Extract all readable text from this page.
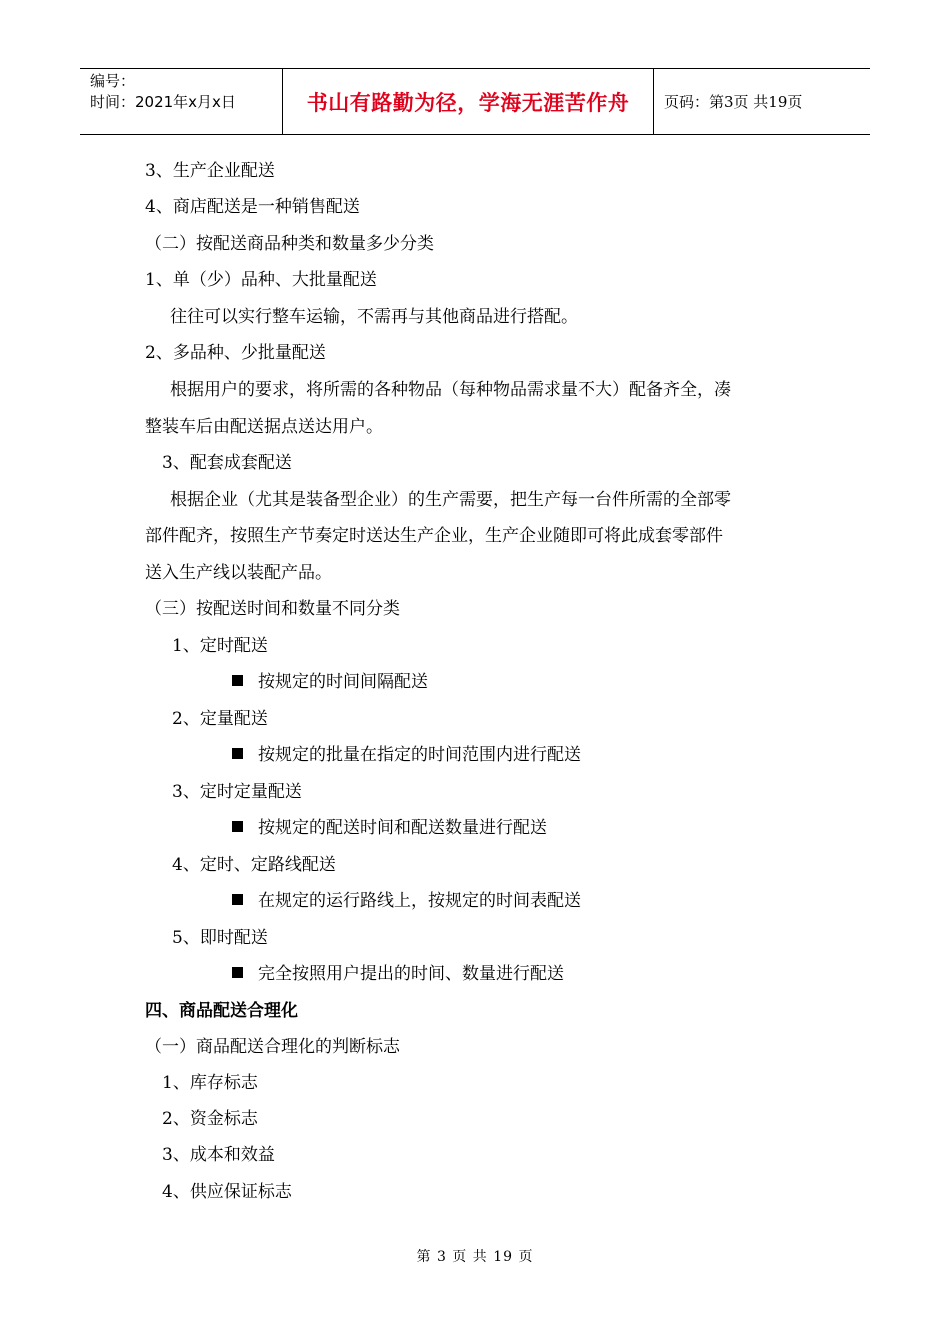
编号：
时间：2021年x月x日	书山有路勤为径，学海无涯苦作舟	页码：第3页 共19页
3、生产企业配送
4、商店配送是一种销售配送
（二）按配送商品种类和数量多少分类
1、单（少）品种、大批量配送
往往可以实行整车运输，不需再与其他商品进行搭配。
2、多品种、少批量配送
根据用户的要求，将所需的各种物品（每种物品需求量不大）配备齐全，凑
整装车后由配送据点送达用户。
3、配套成套配送
根据企业（尤其是装备型企业）的生产需要，把生产每一台件所需的全部零
部件配齐，按照生产节奏定时送达生产企业，生产企业随即可将此成套零部件
送入生产线以装配产品。
（三）按配送时间和数量不同分类
1、定时配送
按规定的时间间隔配送
2、定量配送
按规定的批量在指定的时间范围内进行配送
3、定时定量配送
按规定的配送时间和配送数量进行配送
4、定时、定路线配送
在规定的运行路线上，按规定的时间表配送
5、即时配送
完全按照用户提出的时间、数量进行配送
四、商品配送合理化
（一）商品配送合理化的判断标志
1、库存标志
2、资金标志
3、成本和效益
4、供应保证标志
第 3 页 共 19 页
